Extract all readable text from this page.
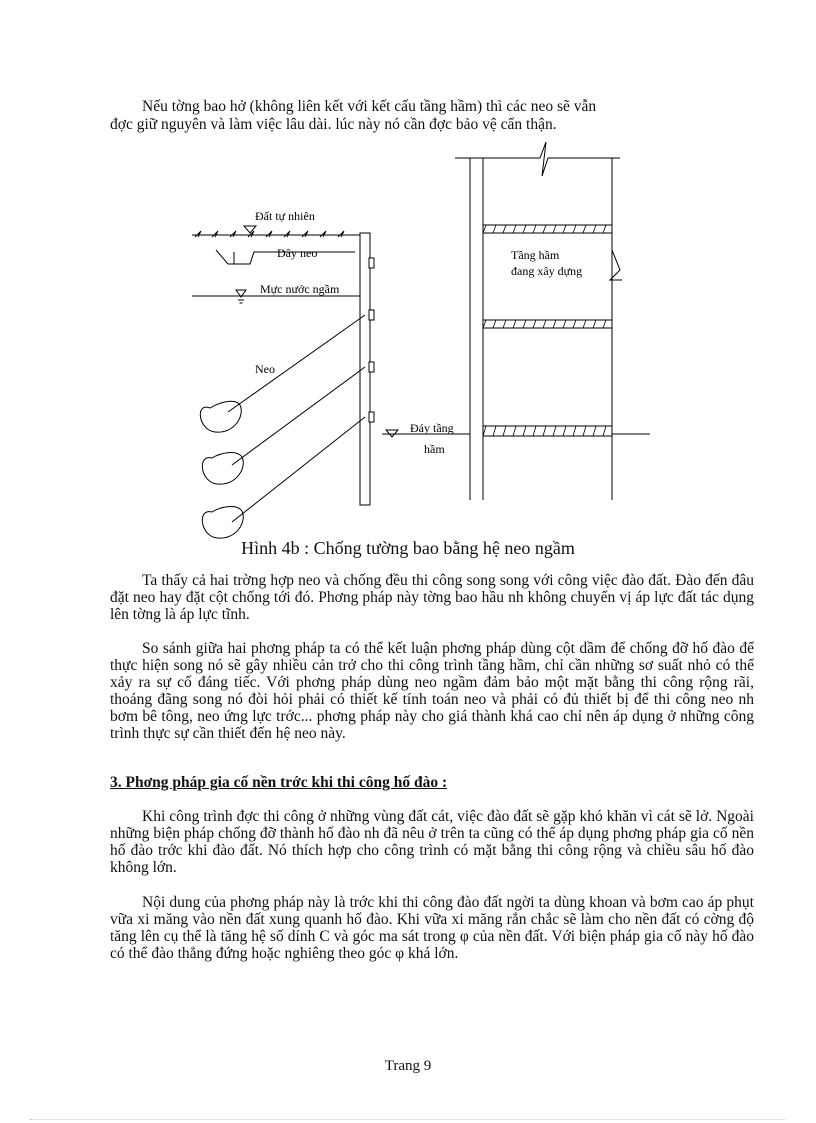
Nếu tờng bao hở (không liên kết với kết cấu tầng hầm) thì các neo sẽ vẫn

đợc giữ nguyên và làm việc lâu dài. lúc này nó cần đợc bảo vệ cẩn thận.

Đất tự nhiên
Dây neo
Mực nước ngầm
Neo
Tầng hầm
đang xây dựng
Đáy tầng
hầm

Hình 4b : Chống tường bao bằng hệ neo ngầm

Ta thấy cả hai trờng hợp neo và chống đều thi công song song với công việc đào đất. Đào đến đâu đặt neo hay đặt cột chống tới đó. Phơng pháp này tờng bao hầu nh không chuyển vị áp lực đất tác dụng lên tờng là áp lực tĩnh.

So sánh giữa hai phơng pháp ta có thể kết luận phơng pháp dùng cột dầm để chống đỡ hố đào để thực hiện song nó sẽ gây nhiều cản trở cho thi công trình tầng hầm, chỉ cần những sơ suất nhỏ có thể xảy ra sự cố đáng tiếc. Với phơng pháp dùng neo ngầm đảm bảo một mặt bằng thi công rộng rãi, thoáng đãng song nó đòi hỏi phải có thiết kế tính toán neo và phải có đủ thiết bị để thi công neo nh bơm bê tông, neo ứng lực trớc... phơng pháp này cho giá thành khá cao chỉ nên áp dụng ở những công trình thực sự cần thiết đến hệ neo này.

3. Phơng pháp gia cố nền trớc khi thi công hố đào :

Khi công trình đợc thi công ở những vùng đất cát, việc đào đất sẽ gặp khó khăn vì cát sẽ lở. Ngoài những biện pháp chống đỡ thành hố đào nh đã nêu ở trên ta cũng có thể áp dụng phơng pháp gia cố nền hố đào trớc khi đào đất. Nó thích hợp cho công trình có mặt bằng thi công rộng và chiều sâu hố đào không lớn.

Nội dung của phơng pháp này là trớc khi thi công đào đất ngời ta dùng khoan và bơm cao áp phụt vữa xi măng vào nền đất xung quanh hố đào. Khi vữa xi măng rắn chắc sẽ làm cho nền đất có cờng độ tăng lên cụ thể là tăng hệ số dính C và góc ma sát trong φ của nền đất. Với biện pháp gia cố này hố đào có thể đào thẳng đứng hoặc nghiêng theo góc φ khá lớn.

Trang 9
